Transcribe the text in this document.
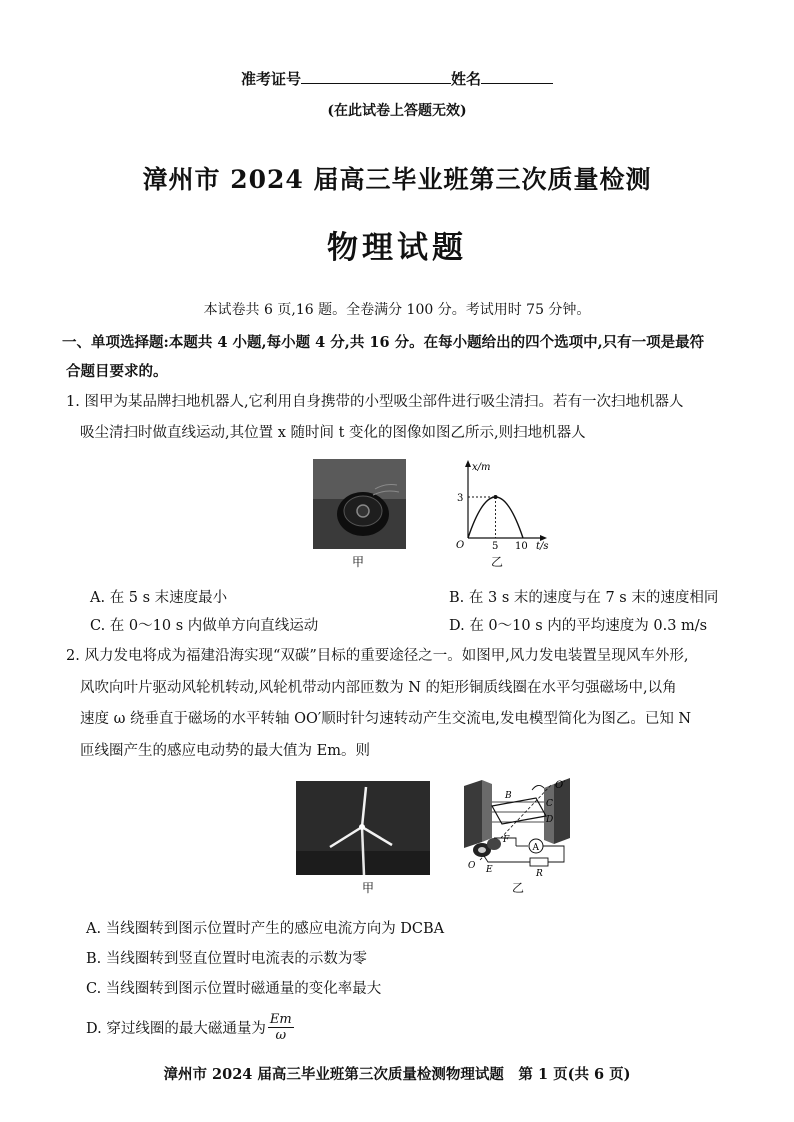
准考证号	姓名
(在此试卷上答题无效)
漳州市 2024 届高三毕业班第三次质量检测
物理试题
本试卷共 6 页,16 题。全卷满分 100 分。考试用时 75 分钟。
一、单项选择题:本题共 4 小题,每小题 4 分,共 16 分。在每小题给出的四个选项中,只有一项是最符
合题目要求的。
1. 图甲为某品牌扫地机器人,它利用自身携带的小型吸尘部件进行吸尘清扫。若有一次扫地机器人
吸尘清扫时做直线运动,其位置 x 随时间 t 变化的图像如图乙所示,则扫地机器人
甲
x/m
3
O	5 10 t/s
乙
A. 在 5 s 末速度最小	B. 在 3 s 末的速度与在 7 s 末的速度相同
C. 在 0～10 s 内做单方向直线运动	D. 在 0～10 s 内的平均速度为 0.3 m/s
2. 风力发电将成为福建沿海实现“双碳”目标的重要途径之一。如图甲,风力发电装置呈现风车外形,
风吹向叶片驱动风轮机转动,风轮机带动内部匝数为 N 的矩形铜质线圈在水平匀强磁场中,以角
速度 ω 绕垂直于磁场的水平转轴 OO′顺时针匀速转动产生交流电,发电模型简化为图乙。已知 N
匝线圈产生的感应电动势的最大值为 Em。则
甲
A
O′
B
C
D
F
O E	R
乙
A. 当线圈转到图示位置时产生的感应电流方向为 DCBA
B. 当线圈转到竖直位置时电流表的示数为零
C. 当线圈转到图示位置时磁通量的变化率最大
D. 穿过线圈的最大磁通量为 $\frac{Em}{\omega}$
漳州市 2024 届高三毕业班第三次质量检测物理试题　第 1 页(共 6 页)
